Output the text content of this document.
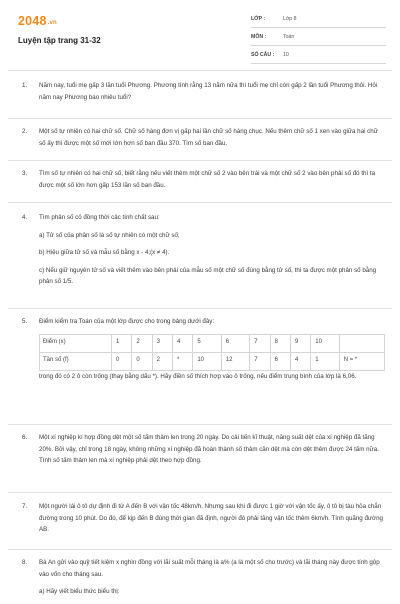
2048.vn
Luyện tập trang 31-32
LỚP :	Lớp 8
MÔN :	Toán
SỐ CÂU :	10
1.	Năm nay, tuổi mẹ gấp 3 lần tuổi Phương. Phương tính rằng 13 năm nữa thì tuổi mẹ chỉ còn gấp 2 lần tuổi Phương thôi. Hỏi năm nay Phương bao nhiêu tuổi?

2.	Một số tự nhiên có hai chữ số. Chữ số hàng đơn vị gấp hai lần chữ số hàng chục. Nếu thêm chữ số 1 xen vào giữa hai chữ số ấy thì được một số mới lớn hơn số ban đầu 370. Tìm số ban đầu.

3.	Tìm số tự nhiên có hai chữ số, biết rằng nếu viết thêm một chữ số 2 vào bên trái và một chữ số 2 vào bên phải số đó thì ta được một số lớn hơn gấp 153 lần số ban đầu.

4.	Tìm phân số có đồng thời các tính chất sau:

a) Tử số của phân số là số tự nhiên có một chữ số;

b) Hiệu giữa tử số và mẫu số bằng x - 4;(x ≠ 4).

c) Nếu giữ nguyên tử số và viết thêm vào bên phải của mẫu số một chữ số đúng bằng tử số, thì ta được một phân số bằng phân số 1/5.

5.	Điểm kiểm tra Toán của một lớp được cho trong bảng dưới đây:

Điểm (x)	1	2	3	4	5	6	7	8	9	10	
Tần số (f)	0	0	2	*	10	12	7	6	4	1	N = *

trong đó có 2 ô còn trống (thay bằng dấu *). Hãy điền số thích hợp vào ô trống, nếu điểm trung bình của lớp là 6,06.

6.	Một xí nghiệp kí hợp đồng dệt một số tấm thảm len trong 20 ngày. Do cải tiến kĩ thuật, năng suất dệt của xí nghiệp đã tăng 20%. Bởi vậy, chỉ trong 18 ngày, không những xí nghiệp đã hoàn thành số thảm cần dệt mà còn dệt thêm được 24 tấm nữa. Tính số tấm thảm len mà xí nghiệp phải dệt theo hợp đồng.

7.	Một người lái ô tô dự định đi từ A đến B với vận tốc 48km/h. Nhưng sau khi đi được 1 giờ với vận tốc ấy, ô tô bị tàu hỏa chắn đường trong 10 phút. Do đó, để kịp đến B đúng thời gian đã định, người đó phải tăng vận tốc thêm 6km/h. Tính quãng đường AB.

8.	Bà An gửi vào quỹ tiết kiệm x nghìn đồng với lãi suất mỗi tháng là a% (a là một số cho trước) và lãi tháng này được tính gộp vào vốn cho tháng sau.

a) Hãy viết biểu thức biểu thị:
